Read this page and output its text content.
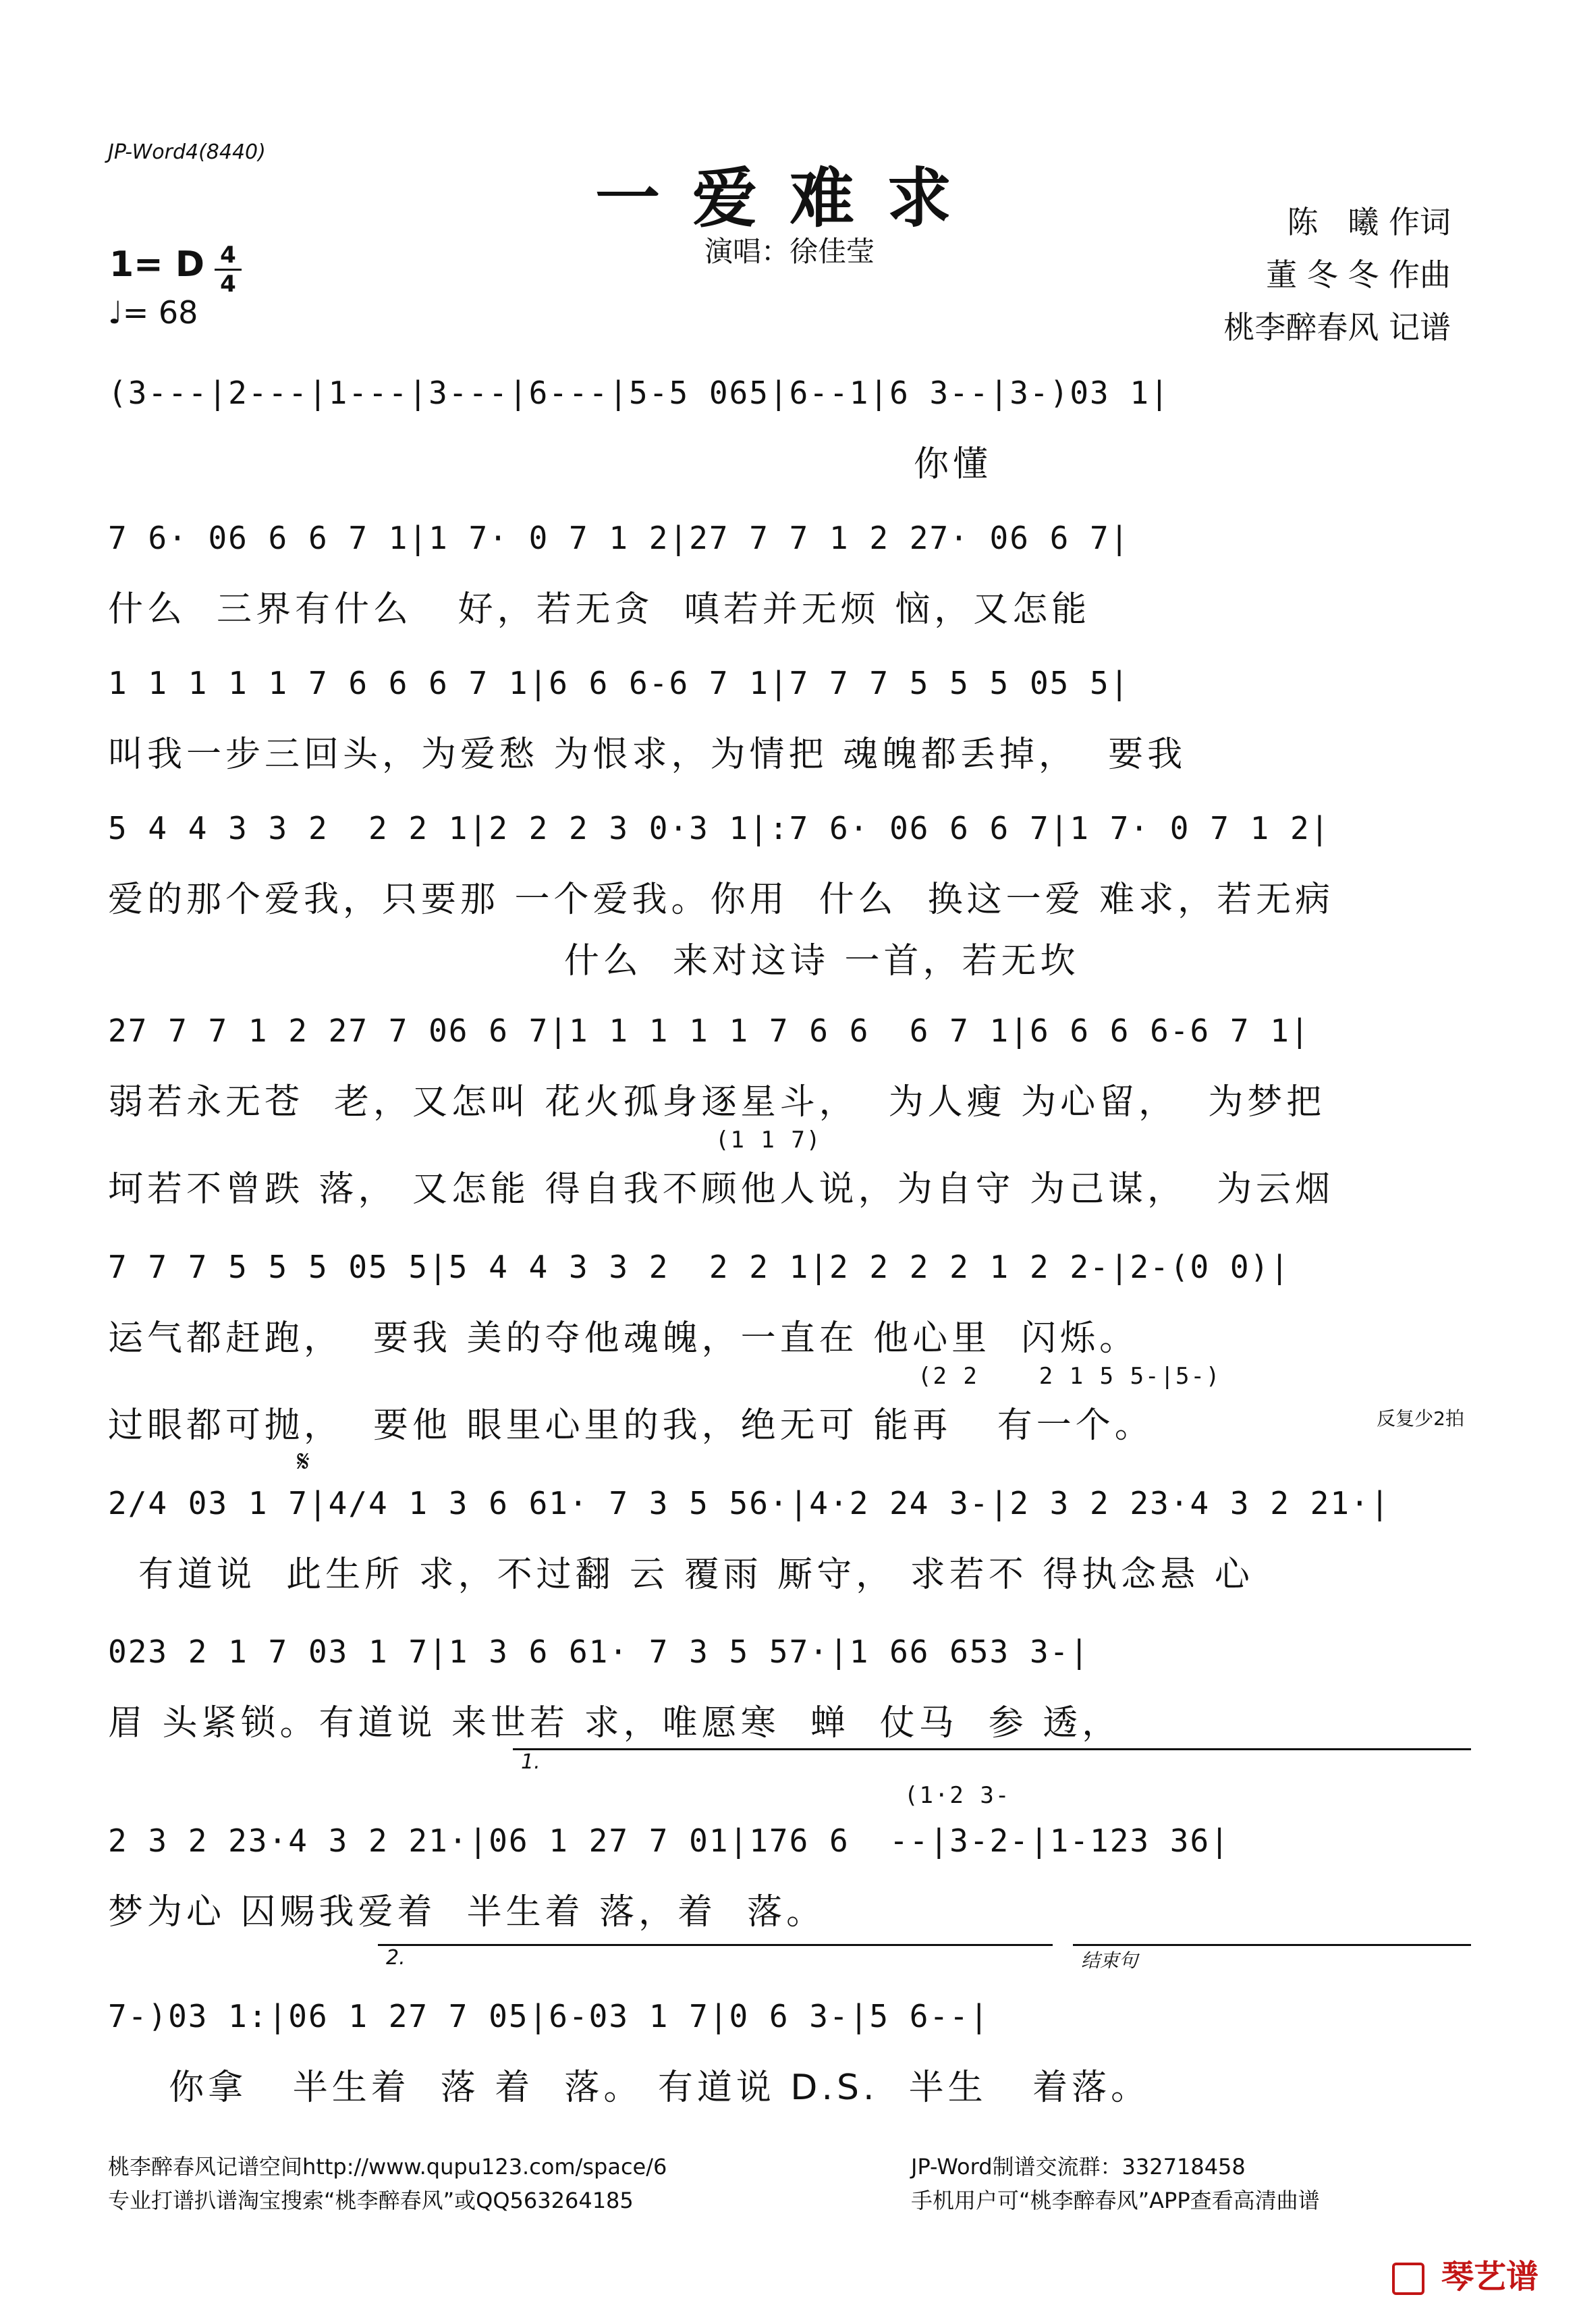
JP-Word4(8440)
一爱难求
演唱：徐佳莹
陈   曦 作词
董 冬 冬 作曲
桃李醉春风 记谱
1= D 4
4
♩= 68
(3---|2---|1---|3---|6---|5-5 065|6--1|6 3--|3-)03 1|
你懂
7 6· 06 6 6 7 1|1 7· 0 7 1 2|27 7 7 1 2 27· 06 6 7|
什么  三界有什么   好，若无贪  嗔若并无烦 恼，又怎能
1 1 1 1 1 7 6 6 6 7 1|6 6 6-6 7 1|7 7 7 5 5 5 05 5|
叫我一步三回头，为爱愁 为恨求，为情把 魂魄都丢掉，  要我
5 4 4 3 3 2  2 2 1|2 2 2 3 0·3 1|:7 6· 06 6 6 7|1 7· 0 7 1 2|
爱的那个爱我，只要那 一个爱我。你用  什么  换这一爱 难求，若无病
什么  来对这诗 一首，若无坎
27 7 7 1 2 27 7 06 6 7|1 1 1 1 1 7 6 6  6 7 1|6 6 6 6-6 7 1|
弱若永无苍  老，又怎叫 花火孤身逐星斗，  为人瘦 为心留，  为梦把
(1 1 7)
坷若不曾跌 落， 又怎能 得自我不顾他人说，为自守 为己谋，  为云烟
7 7 7 5 5 5 05 5|5 4 4 3 3 2  2 2 1|2 2 2 2 1 2 2-|2-(0 0)|
运气都赶跑，  要我 美的夺他魂魄，一直在 他心里  闪烁。
(2 2    2 1 5 5-|5-)
过眼都可抛，  要他 眼里心里的我，绝无可 能再   有一个。	反复少2拍
𝄋
2/4 03 1 7|4/4 1 3 6 61· 7 3 5 56·|4·2 24 3-|2 3 2 23·4 3 2 21·|
有道说  此生所 求，不过翻 云 覆雨 厮守， 求若不 得执念悬 心
023 2 1 7 03 1 7|1 3 6 61· 7 3 5 57·|1 66 653 3-|
眉 头紧锁。有道说 来世若 求，唯愿寒  蝉  仗马  参 透，
1.
(1·2 3-
2 3 2 23·4 3 2 21·|06 1 27 7 01|176 6  --|3-2-|1-123 36|
梦为心 囚赐我爱着  半生着 落，着  落。
2.	结束句
7-)03 1:|06 1 27 7 05|6-03 1 7|0 6 3-|5 6--|
你拿   半生着  落 着  落。 有道说 D.S.  半生   着落。
桃李醉春风记谱空间http://www.qupu123.com/space/6
专业打谱扒谱淘宝搜索“桃李醉春风”或QQ563264185
JP-Word制谱交流群：332718458
手机用户可“桃李醉春风”APP查看高清曲谱
琴艺谱
